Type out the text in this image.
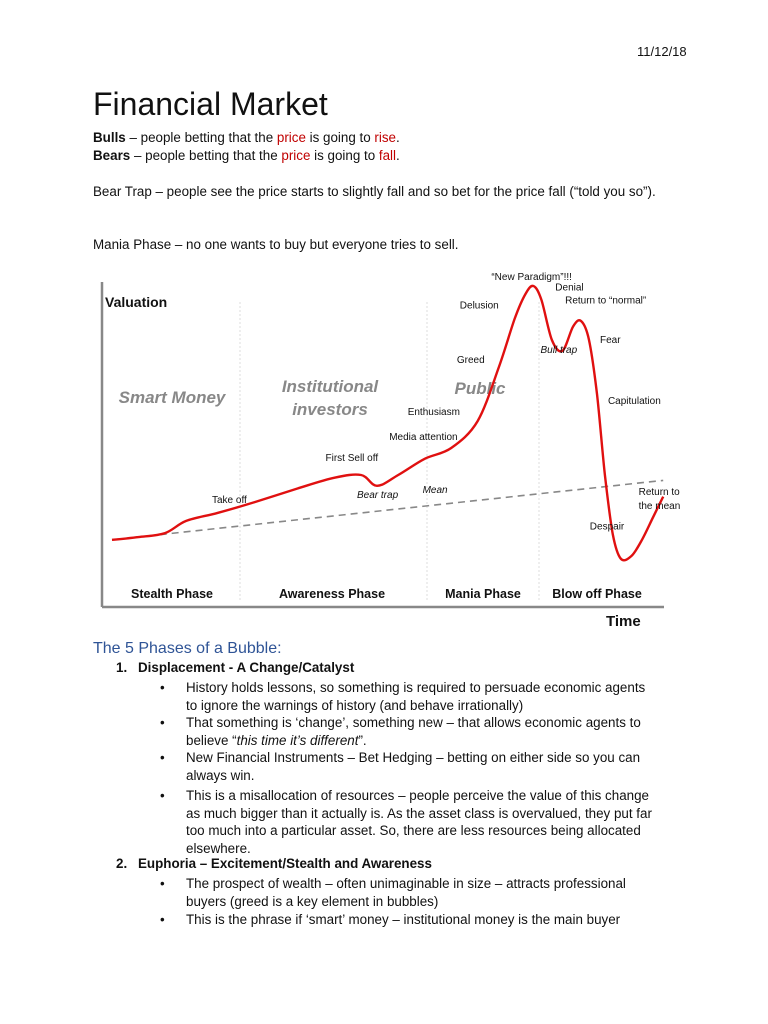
11/12/18
Financial Market
Bulls – people betting that the price is going to rise.
Bears – people betting that the price is going to fall.
Bear Trap – people see the price starts to slightly fall and so bet for the price fall (“told you so”).
Mania Phase – no one wants to buy but everyone tries to sell.
Valuation
Time
Smart Money
Institutional
investors
Public
Stealth Phase	Awareness Phase	Mania Phase	Blow off Phase
Take off
First Sell off
Bear trap Mean
Media attention
Enthusiasm
Greed
Delusion
“New Paradigm”!!!
Denial
Return to “normal”
Bull trap
Fear
Capitulation
Return to
the mean
Despair
The 5 Phases of a Bubble:
1. Displacement - A Change/Catalyst
• History holds lessons, so something is required to persuade economic agents
to ignore the warnings of history (and behave irrationally)
• That something is ‘change’, something new – that allows economic agents to
believe “this time it’s different”.
• New Financial Instruments – Bet Hedging – betting on either side so you can
always win.
• This is a misallocation of resources – people perceive the value of this change
as much bigger than it actually is. As the asset class is overvalued, they put far
too much into a particular asset. So, there are less resources being allocated
elsewhere.
2. Euphoria – Excitement/Stealth and Awareness
• The prospect of wealth – often unimaginable in size – attracts professional
buyers (greed is a key element in bubbles)
• This is the phrase if ‘smart’ money – institutional money is the main buyer
